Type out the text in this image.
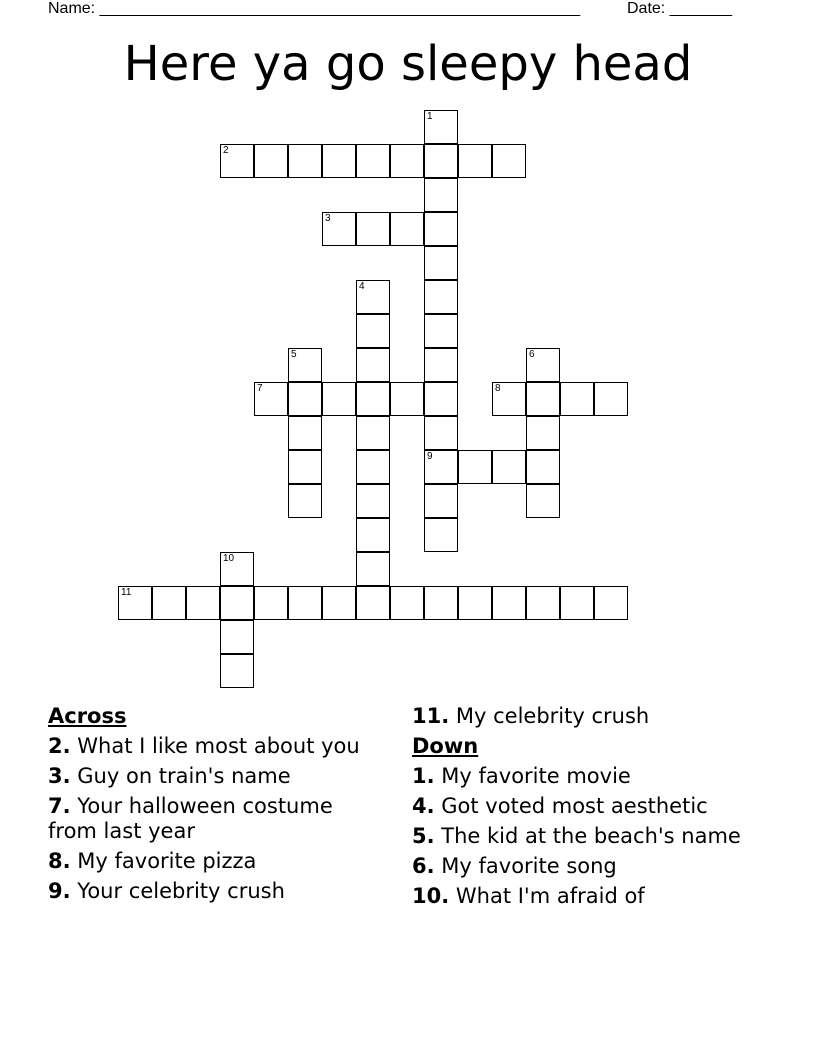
Name: ______________________________________________________	Date: _______
Here ya go sleepy head
1
2
3
4
5	6
7	8
9
10
11
Across
2. What I like most about you
3. Guy on train's name
7. Your halloween costume from last year
8. My favorite pizza
9. Your celebrity crush
11. My celebrity crush
Down
1. My favorite movie
4. Got voted most aesthetic
5. The kid at the beach's name
6. My favorite song
10. What I'm afraid of
